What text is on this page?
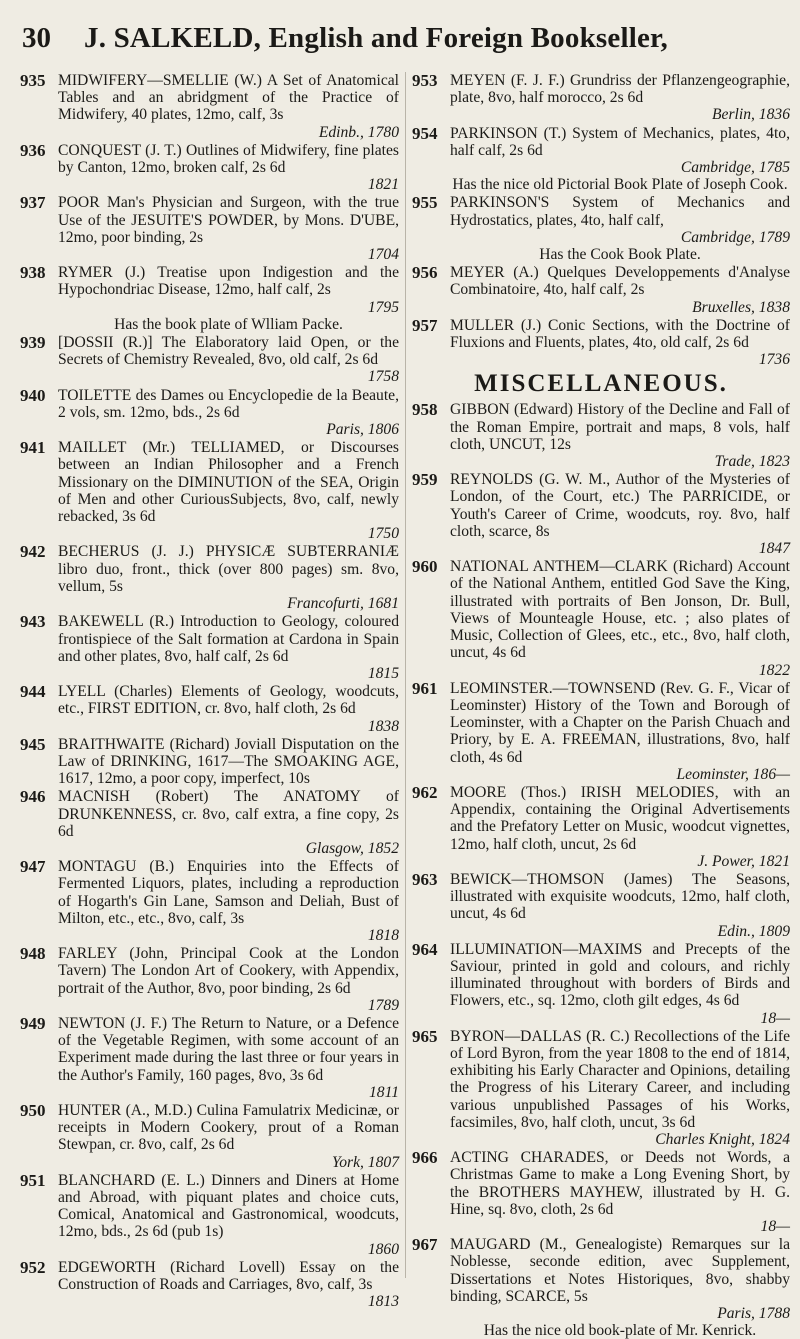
30	J. SALKELD, English and Foreign Bookseller,
935 MIDWIFERY—SMELLIE (W.) A Set of Anatomical Tables and an abridgment of the Practice of Midwifery, 40 plates, 12mo, calf, 3s
Edinb., 1780
936 CONQUEST (J. T.) Outlines of Midwifery, fine plates by Canton, 12mo, broken calf, 2s 6d
1821
937 POOR Man's Physician and Surgeon, with the true Use of the JESUITE'S POWDER, by Mons. D'UBE, 12mo, poor binding, 2s
1704
938 RYMER (J.) Treatise upon Indigestion and the Hypochondriac Disease, 12mo, half calf, 2s
1795
Has the book plate of Wlliam Packe.
939 [DOSSII (R.)] The Elaboratory laid Open, or the Secrets of Chemistry Revealed, 8vo, old calf, 2s 6d
1758
940 TOILETTE des Dames ou Encyclopedie de la Beaute, 2 vols, sm. 12mo, bds., 2s 6d
Paris, 1806
941 MAILLET (Mr.) TELLIAMED, or Discourses between an Indian Philosopher and a French Missionary on the DIMINUTION of the SEA, Origin of Men and other CuriousSubjects, 8vo, calf, newly rebacked, 3s 6d
1750
942 BECHERUS (J. J.) PHYSICÆ SUBTERRANIÆ libro duo, front., thick (over 800 pages) sm. 8vo, vellum, 5s
Francofurti, 1681
943 BAKEWELL (R.) Introduction to Geology, coloured frontispiece of the Salt formation at Cardona in Spain and other plates, 8vo, half calf, 2s 6d
1815
944 LYELL (Charles) Elements of Geology, woodcuts, etc., FIRST EDITION, cr. 8vo, half cloth, 2s 6d
1838
945 BRAITHWAITE (Richard) Joviall Disputation on the Law of DRINKING, 1617—The SMOAKING AGE, 1617, 12mo, a poor copy, imperfect, 10s
946 MACNISH (Robert) The ANATOMY of DRUNKENNESS, cr. 8vo, calf extra, a fine copy, 2s 6d
Glasgow, 1852
947 MONTAGU (B.) Enquiries into the Effects of Fermented Liquors, plates, including a reproduction of Hogarth's Gin Lane, Samson and Deliah, Bust of Milton, etc., etc., 8vo, calf, 3s
1818
948 FARLEY (John, Principal Cook at the London Tavern) The London Art of Cookery, with Appendix, portrait of the Author, 8vo, poor binding, 2s 6d
1789
949 NEWTON (J. F.) The Return to Nature, or a Defence of the Vegetable Regimen, with some account of an Experiment made during the last three or four years in the Author's Family, 160 pages, 8vo, 3s 6d
1811
950 HUNTER (A., M.D.) Culina Famulatrix Medicinæ, or receipts in Modern Cookery, prout of a Roman Stewpan, cr. 8vo, calf, 2s 6d
York, 1807
951 BLANCHARD (E. L.) Dinners and Diners at Home and Abroad, with piquant plates and choice cuts, Comical, Anatomical and Gastronomical, woodcuts, 12mo, bds., 2s 6d (pub 1s)
1860
952 EDGEWORTH (Richard Lovell) Essay on the Construction of Roads and Carriages, 8vo, calf, 3s
1813
953 MEYEN (F. J. F.) Grundriss der Pflanzengeographie, plate, 8vo, half morocco, 2s 6d
Berlin, 1836
954 PARKINSON (T.) System of Mechanics, plates, 4to, half calf, 2s 6d
Cambridge, 1785
Has the nice old Pictorial Book Plate of Joseph Cook.
955 PARKINSON'S System of Mechanics and Hydrostatics, plates, 4to, half calf,
Cambridge, 1789
Has the Cook Book Plate.
956 MEYER (A.) Quelques Developpements d'Analyse Combinatoire, 4to, half calf, 2s
Bruxelles, 1838
957 MULLER (J.) Conic Sections, with the Doctrine of Fluxions and Fluents, plates, 4to, old calf, 2s 6d
1736
MISCELLANEOUS.
958 GIBBON (Edward) History of the Decline and Fall of the Roman Empire, portrait and maps, 8 vols, half cloth, UNCUT, 12s
Trade, 1823
959 REYNOLDS (G. W. M., Author of the Mysteries of London, of the Court, etc.) The PARRICIDE, or Youth's Career of Crime, woodcuts, roy. 8vo, half cloth, scarce, 8s
1847
960 NATIONAL ANTHEM—CLARK (Richard) Account of the National Anthem, entitled God Save the King, illustrated with portraits of Ben Jonson, Dr. Bull, Views of Mounteagle House, etc. ; also plates of Music, Collection of Glees, etc., etc., 8vo, half cloth, uncut, 4s 6d
1822
961 LEOMINSTER.—TOWNSEND (Rev. G. F., Vicar of Leominster) History of the Town and Borough of Leominster, with a Chapter on the Parish Chuach and Priory, by E. A. FREEMAN, illustrations, 8vo, half cloth, 4s 6d
Leominster, 186—
962 MOORE (Thos.) IRISH MELODIES, with an Appendix, containing the Original Advertisements and the Prefatory Letter on Music, woodcut vignettes, 12mo, half cloth, uncut, 2s 6d
J. Power, 1821
963 BEWICK—THOMSON (James) The Seasons, illustrated with exquisite woodcuts, 12mo, half cloth, uncut, 4s 6d
Edin., 1809
964 ILLUMINATION—MAXIMS and Precepts of the Saviour, printed in gold and colours, and richly illuminated throughout with borders of Birds and Flowers, etc., sq. 12mo, cloth gilt edges, 4s 6d
18—
965 BYRON—DALLAS (R. C.) Recollections of the Life of Lord Byron, from the year 1808 to the end of 1814, exhibiting his Early Character and Opinions, detailing the Progress of his Literary Career, and including various unpublished Passages of his Works, facsimiles, 8vo, half cloth, uncut, 3s 6d
Charles Knight, 1824
966 ACTING CHARADES, or Deeds not Words, a Christmas Game to make a Long Evening Short, by the BROTHERS MAYHEW, illustrated by H. G. Hine, sq. 8vo, cloth, 2s 6d
18—
967 MAUGARD (M., Genealogiste) Remarques sur la Noblesse, seconde edition, avec Supplement, Dissertations et Notes Historiques, 8vo, shabby binding, SCARCE, 5s
Paris, 1788
Has the nice old book-plate of Mr. Kenrick.
